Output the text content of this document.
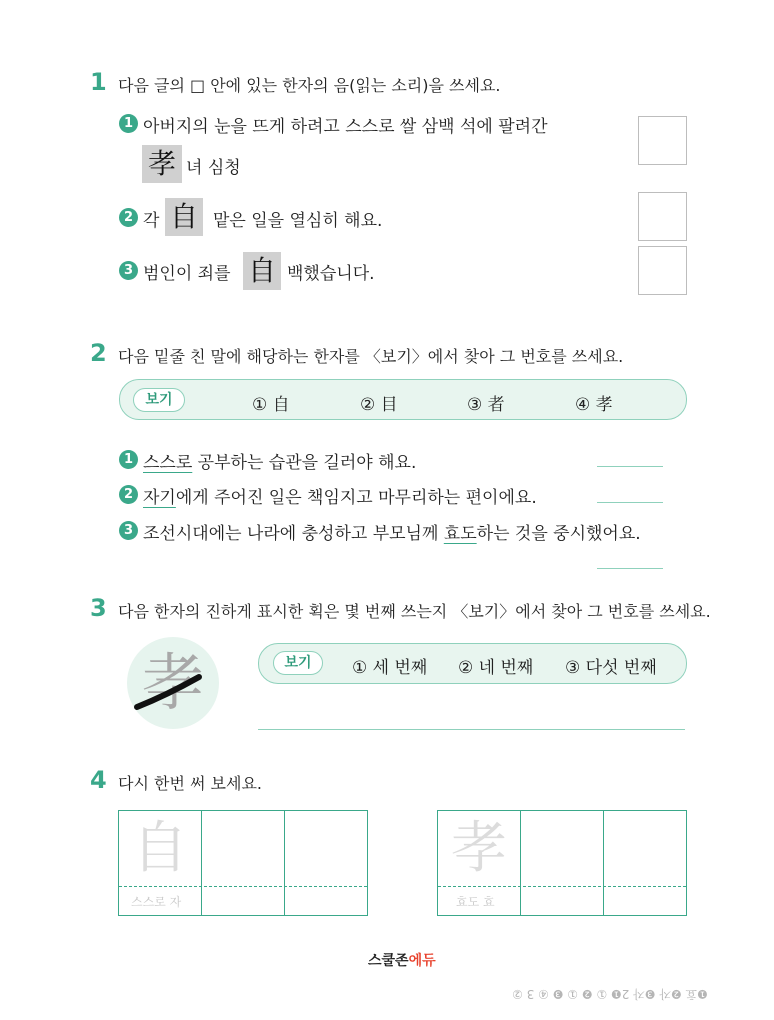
1 다음 글의 □ 안에 있는 한자의 음(읽는 소리)을 쓰세요.
1 아버지의 눈을 뜨게 하려고 스스로 쌀 삼백 석에 팔려간
孝 녀 심청
2 각 自 맡은 일을 열심히 해요.
3 범인이 죄를 自 백했습니다.
2 다음 밑줄 친 말에 해당하는 한자를 〈보기〉에서 찾아 그 번호를 쓰세요.
보기	① 自	② 目	③ 者	④ 孝
1 스스로 공부하는 습관을 길러야 해요.
2 자기에게 주어진 일은 책임지고 마무리하는 편이에요.
3 조선시대에는 나라에 충성하고 부모님께 효도하는 것을 중시했어요.
3 다음 한자의 진하게 표시한 획은 몇 번째 쓰는지 〈보기〉에서 찾아 그 번호를 쓰세요.
孝	보기	① 세 번째 ② 네 번째 ③ 다섯 번째
4 다시 한번 써 보세요.
自
스스로 자
孝
효도 효
스쿨존에듀
❶효 ❷자 ❸자 2❶ ① ❷ ① ❸ ④ 3 ②
